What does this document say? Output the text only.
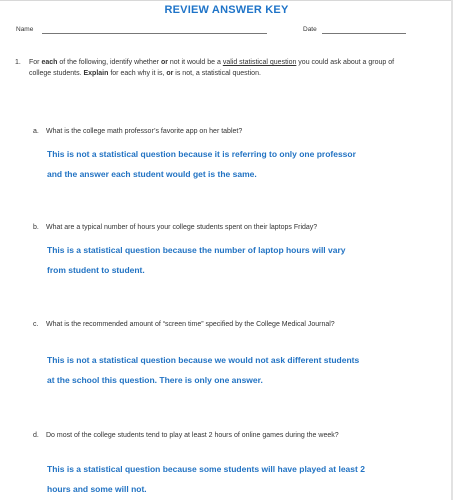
REVIEW ANSWER KEY
Name	Date
1. For each of the following, identify whether or not it would be a valid statistical question you could ask about a group of college students. Explain for each why it is, or is not, a statistical question.
a. What is the college math professor’s favorite app on her tablet?
This is not a statistical question because it is referring to only one professor
and the answer each student would get is the same.
b. What are a typical number of hours your college students spent on their laptops Friday?
This is a statistical question because the number of laptop hours will vary
from student to student.
c. What is the recommended amount of “screen time” specified by the College Medical Journal?
This is not a statistical question because we would not ask different students
at the school this question. There is only one answer.
d. Do most of the college students tend to play at least 2 hours of online games during the week?
This is a statistical question because some students will have played at least 2
hours and some will not.
